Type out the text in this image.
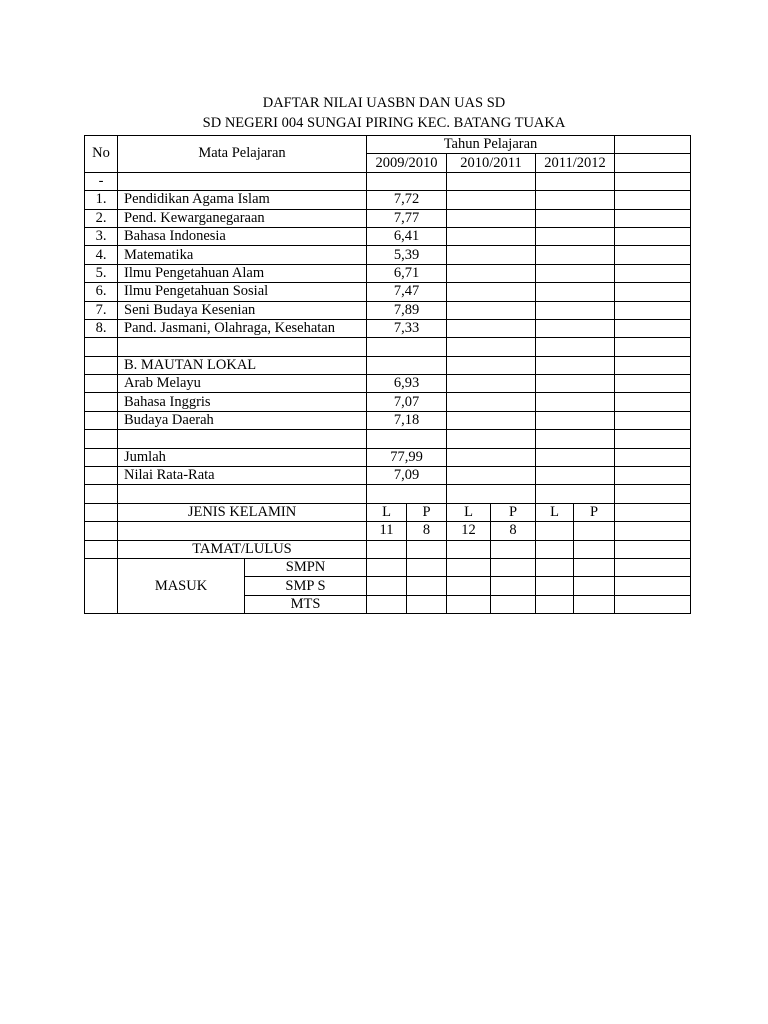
DAFTAR NILAI UASBN DAN UAS SD
SD NEGERI 004 SUNGAI PIRING KEC. BATANG TUAKA
No	Mata Pelajaran		Tahun Pelajaran						
			2009/2010		2010/2011		2011/2012		
-									
1.	Pendidikan Agama Islam		7,72						
2.	Pend. Kewarganegaraan		7,77						
3.	Bahasa Indonesia		6,41						
4.	Matematika		5,39						
5.	Ilmu Pengetahuan Alam		6,71						
6.	Ilmu Pengetahuan Sosial		7,47						
7.	Seni Budaya Kesenian		7,89						
8.	Pand. Jasmani, Olahraga, Kesehatan		7,33						

	B. MAUTAN LOKAL								
	Arab Melayu		6,93						
	Bahasa Inggris		7,07						
	Budaya Daerah		7,18						

	Jumlah		77,99						
	Nilai Rata-Rata		7,09						

	JENIS KELAMIN		L	P	L	P	L	P	
			11	8	12	8			
	TAMAT/LULUS								
	MASUK	SMPN							
		SMP S							
		MTS							
